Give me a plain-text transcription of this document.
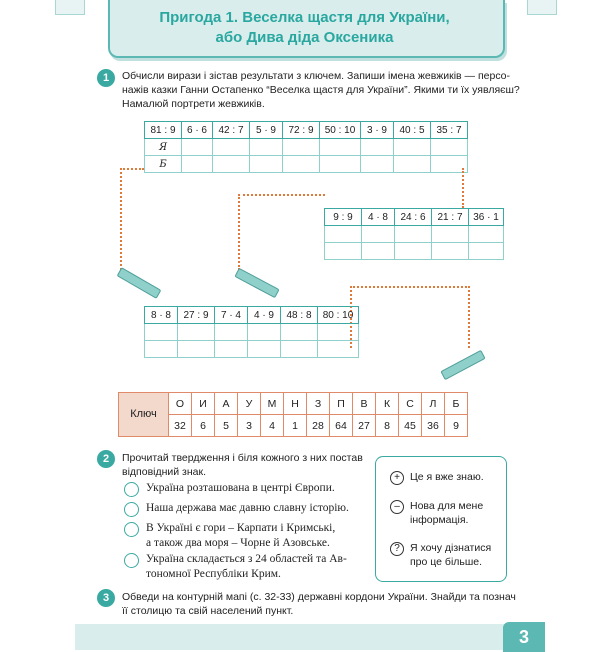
Пригода 1. Веселка щастя для України,
або Дива діда Оксеника
1	Обчисли вирази і зістав результати з ключем. Запиши імена жевжиків — персо-
нажів казки Ганни Остапенко “Веселка щастя для України”. Якими ти їх уявляєш?
Намалюй портрети жевжиків.
81 : 9	6 · 6	42 : 7	5 · 9	72 : 9	50 : 10	3 · 9	40 : 5	35 : 7
Я								
Б								
9 : 9	4 · 8	24 : 6	21 : 7	36 · 1

8 · 8	27 : 9	7 · 4	4 · 9	48 : 8	80 : 10

Ключ
О	И	А	У	М	Н	З	П	В	К	С	Л	Б
32	6	5	3	4	1	28	64	27	8	45	36	9
2	Прочитай твердження і біля кожного з них постав
відповідний знак.
Україна розташована в центрі Європи.
Наша держава має давню славну історію.
В Україні є гори – Карпати і Кримські,
а також два моря – Чорне й Азовське.
Україна складається з 24 областей та Ав-
тономної Республіки Крим.
+ Це я вже знаю.
– Нова для мене
інформація.
? Я хочу дізнатися
про це більше.
3	Обведи на контурній мапі (с. 32-33) державні кордони України. Знайди та познач
її столицю та свій населений пункт.
3
